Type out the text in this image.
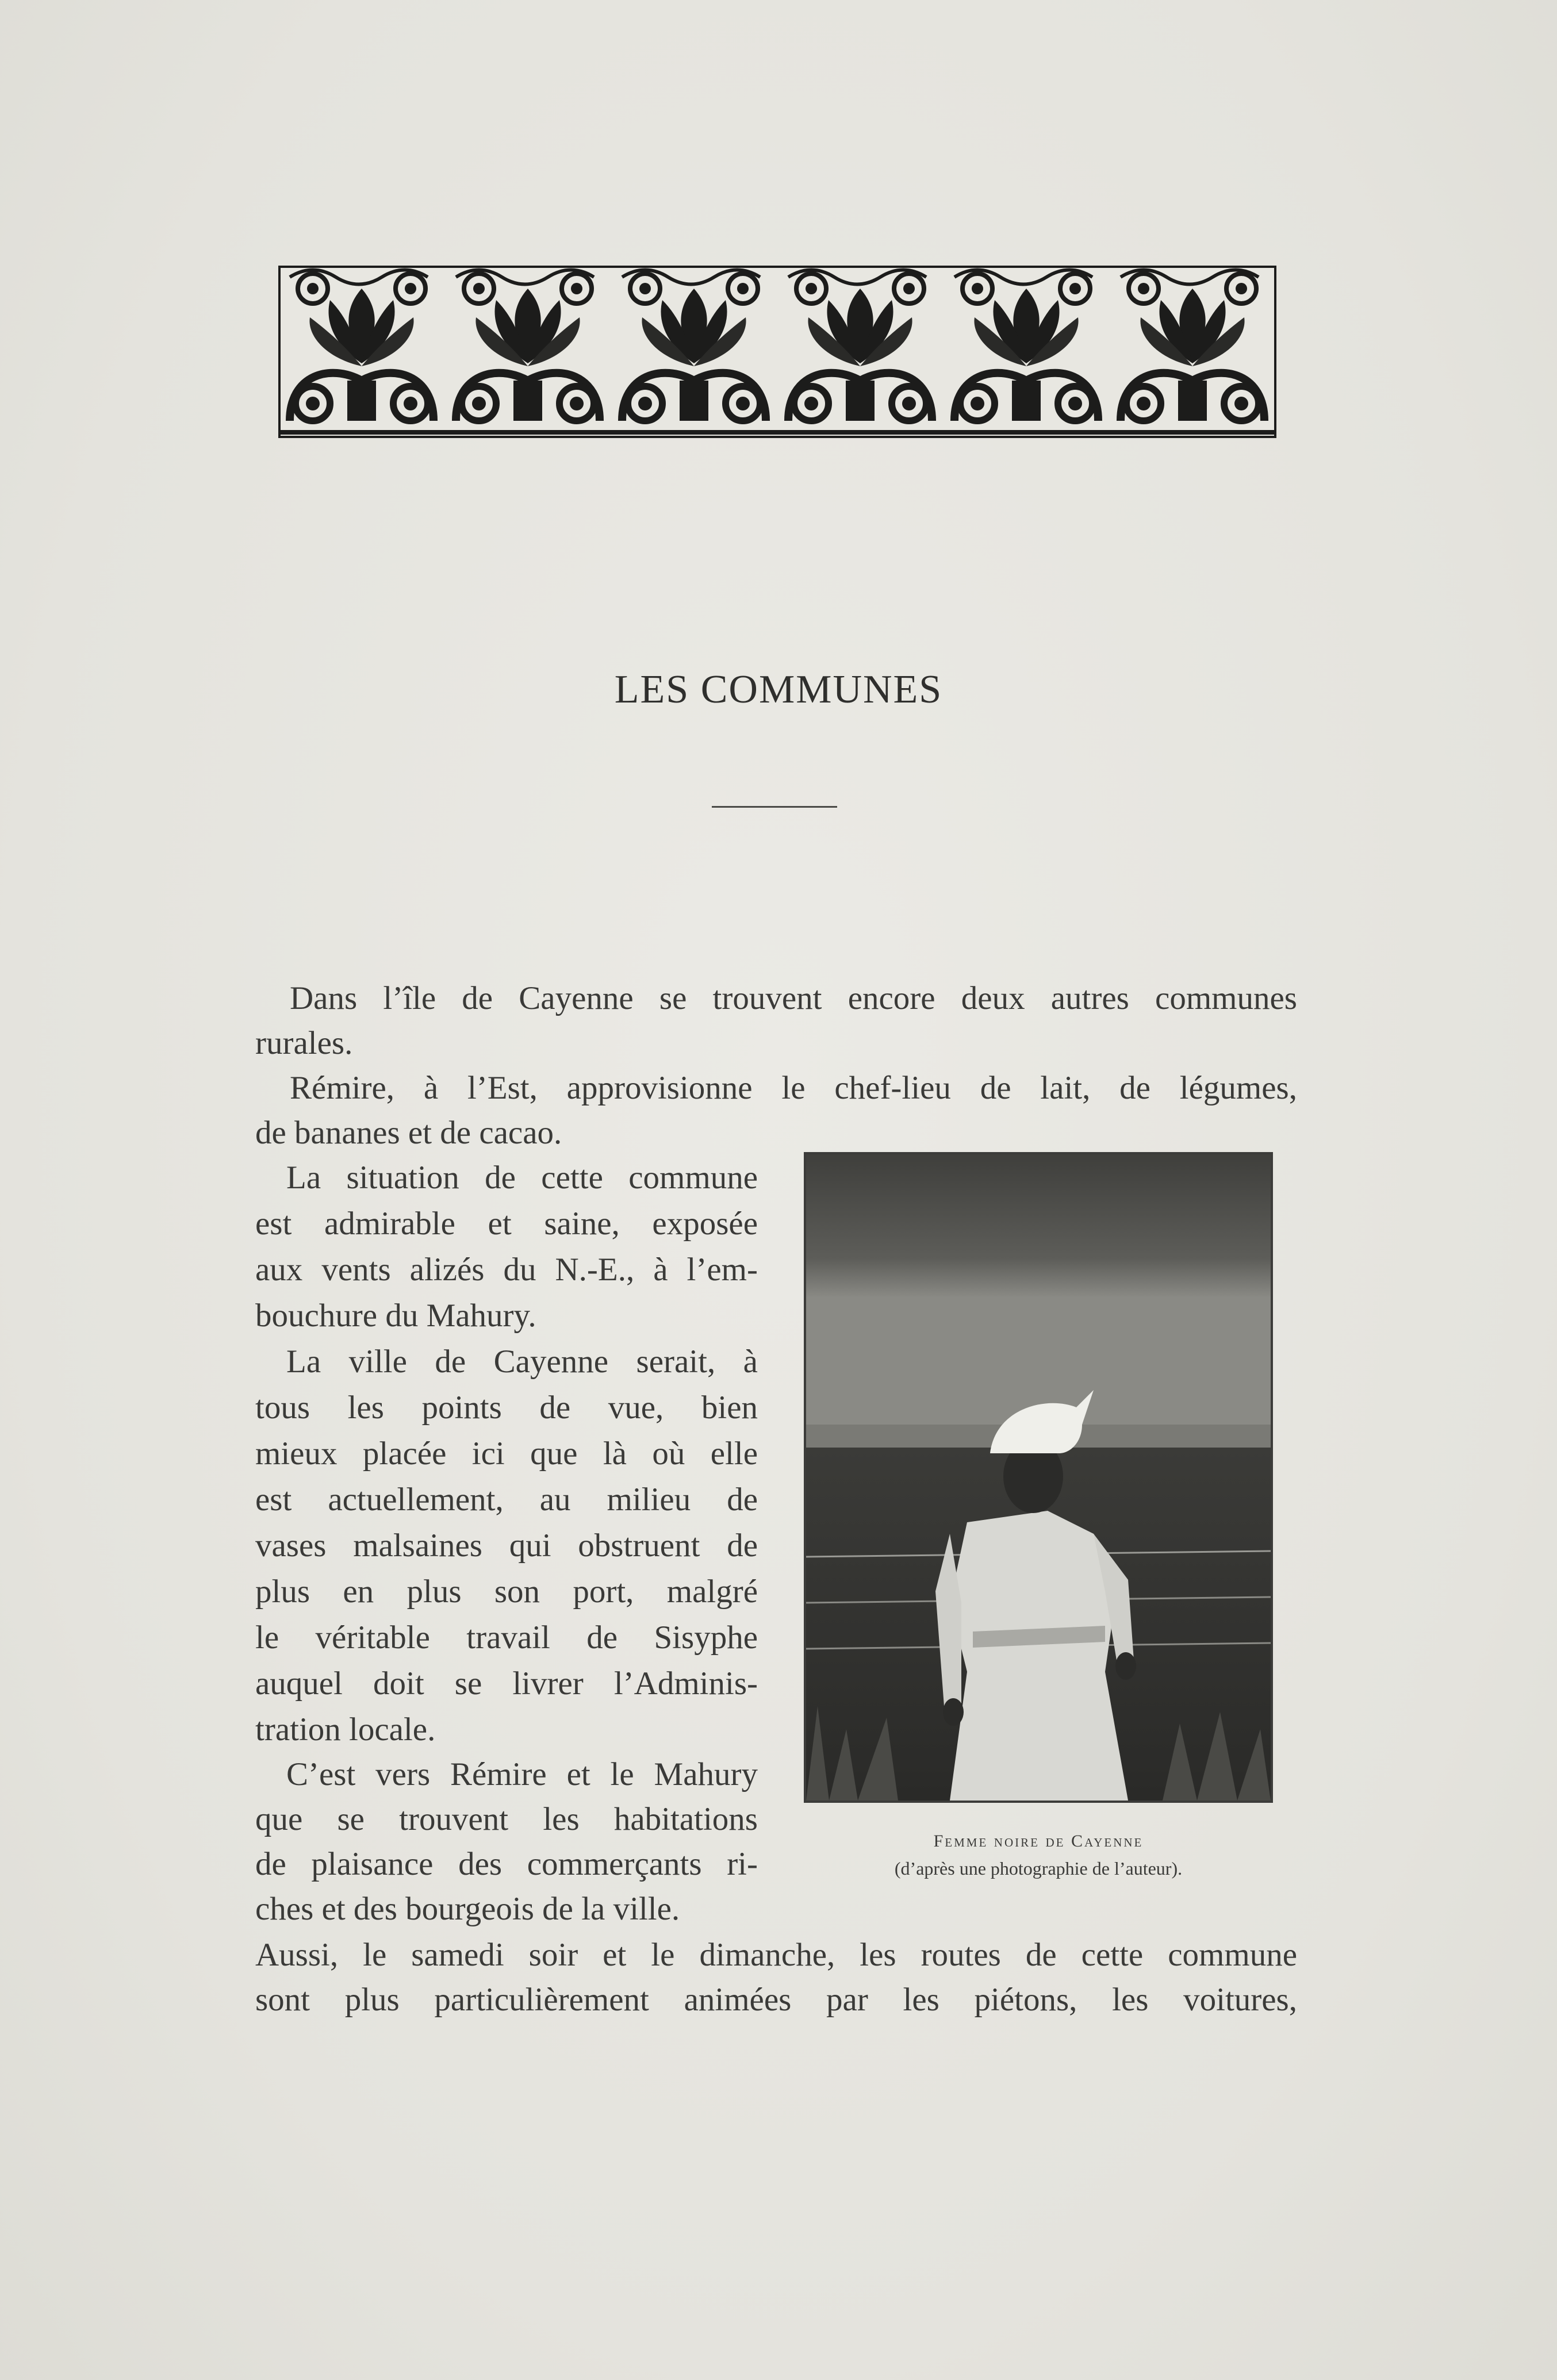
LES COMMUNES
Dans l’île de Cayenne se trouvent encore deux autres communes
rurales.
Rémire, à l’Est, approvisionne le chef-lieu de lait, de légumes,
de bananes et de cacao.
La situation de cette commune
est admirable et saine, exposée
aux vents alizés du N.-E., à l’em-
bouchure du Mahury.
La ville de Cayenne serait, à
tous les points de vue, bien
mieux placée ici que là où elle
est actuellement, au milieu de
vases malsaines qui obstruent de
plus en plus son port, malgré
le véritable travail de Sisyphe
auquel doit se livrer l’Adminis-
tration locale.
C’est vers Rémire et le Mahury
que se trouvent les habitations
de plaisance des commerçants ri-
ches et des bourgeois de la ville.
Aussi, le samedi soir et le dimanche, les routes de cette commune
sont plus particulièrement animées par les piétons, les voitures,
Femme noire de Cayenne
(d’après une photographie de l’auteur).
